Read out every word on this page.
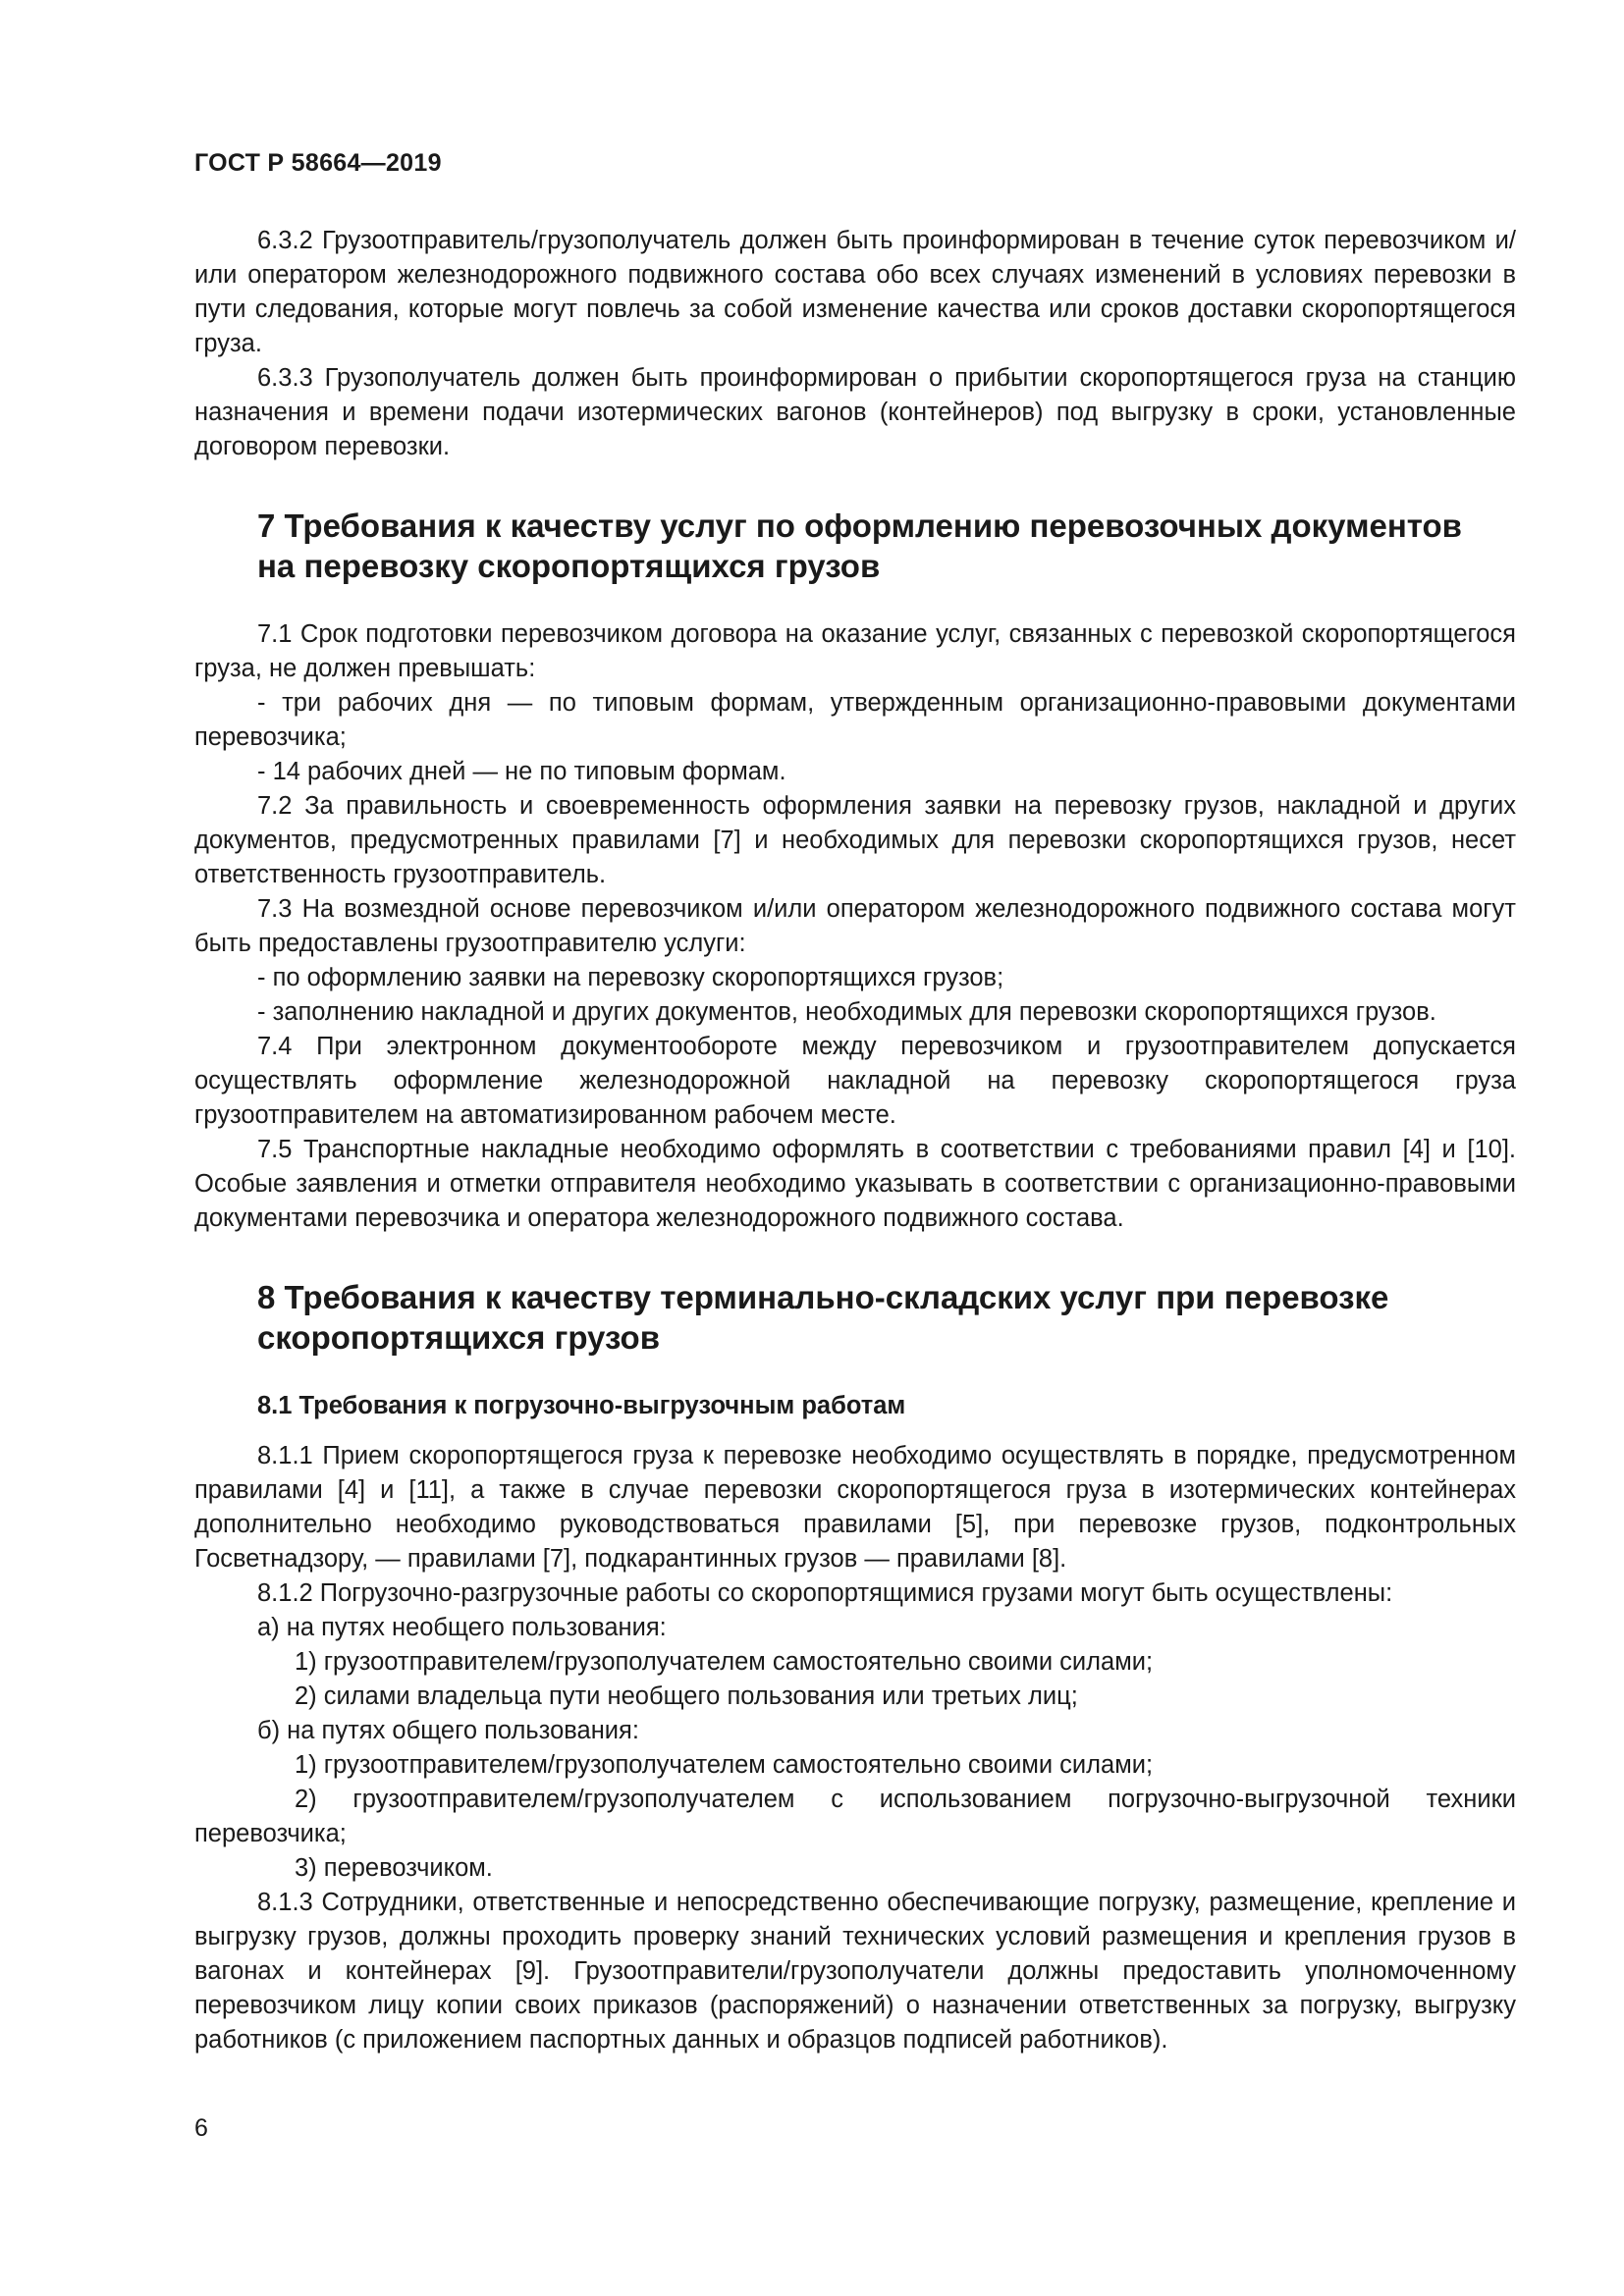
ГОСТ Р 58664—2019

6.3.2 Грузоотправитель/грузополучатель должен быть проинформирован в течение суток перевозчиком и/или оператором железнодорожного подвижного состава обо всех случаях изменений в условиях перевозки в пути следования, которые могут повлечь за собой изменение качества или сроков доставки скоропортящегося груза.

6.3.3 Грузополучатель должен быть проинформирован о прибытии скоропортящегося груза на станцию назначения и времени подачи изотермических вагонов (контейнеров) под выгрузку в сроки, установленные договором перевозки.

7 Требования к качеству услуг по оформлению перевозочных документов
на перевозку скоропортящихся грузов

7.1 Срок подготовки перевозчиком договора на оказание услуг, связанных с перевозкой скоропортящегося груза, не должен превышать:

- три рабочих дня — по типовым формам, утвержденным организационно-правовыми документами перевозчика;

- 14 рабочих дней — не по типовым формам.

7.2 За правильность и своевременность оформления заявки на перевозку грузов, накладной и других документов, предусмотренных правилами [7] и необходимых для перевозки скоропортящихся грузов, несет ответственность грузоотправитель.

7.3 На возмездной основе перевозчиком и/или оператором железнодорожного подвижного состава могут быть предоставлены грузоотправителю услуги:

- по оформлению заявки на перевозку скоропортящихся грузов;

- заполнению накладной и других документов, необходимых для перевозки скоропортящихся грузов.

7.4 При электронном документообороте между перевозчиком и грузоотправителем допускается осуществлять оформление железнодорожной накладной на перевозку скоропортящегося груза грузоотправителем на автоматизированном рабочем месте.

7.5 Транспортные накладные необходимо оформлять в соответствии с требованиями правил [4] и [10]. Особые заявления и отметки отправителя необходимо указывать в соответствии с организационно-правовыми документами перевозчика и оператора железнодорожного подвижного состава.

8 Требования к качеству терминально-складских услуг при перевозке
скоропортящихся грузов
8.1 Требования к погрузочно-выгрузочным работам

8.1.1 Прием скоропортящегося груза к перевозке необходимо осуществлять в порядке, предусмотренном правилами [4] и [11], а также в случае перевозки скоропортящегося груза в изотермических контейнерах дополнительно необходимо руководствоваться правилами [5], при перевозке грузов, подконтрольных Госветнадзору, — правилами [7], подкарантинных грузов — правилами [8].

8.1.2 Погрузочно-разгрузочные работы со скоропортящимися грузами могут быть осуществлены:

а) на путях необщего пользования:

1) грузоотправителем/грузополучателем самостоятельно своими силами;

2) силами владельца пути необщего пользования или третьих лиц;

б) на путях общего пользования:

1) грузоотправителем/грузополучателем самостоятельно своими силами;

2) грузоотправителем/грузополучателем с использованием погрузочно-выгрузочной техники перевозчика;

3) перевозчиком.

8.1.3 Сотрудники, ответственные и непосредственно обеспечивающие погрузку, размещение, крепление и выгрузку грузов, должны проходить проверку знаний технических условий размещения и крепления грузов в вагонах и контейнерах [9]. Грузоотправители/грузополучатели должны предоставить уполномоченному перевозчиком лицу копии своих приказов (распоряжений) о назначении ответственных за погрузку, выгрузку работников (с приложением паспортных данных и образцов подписей работников).

6
